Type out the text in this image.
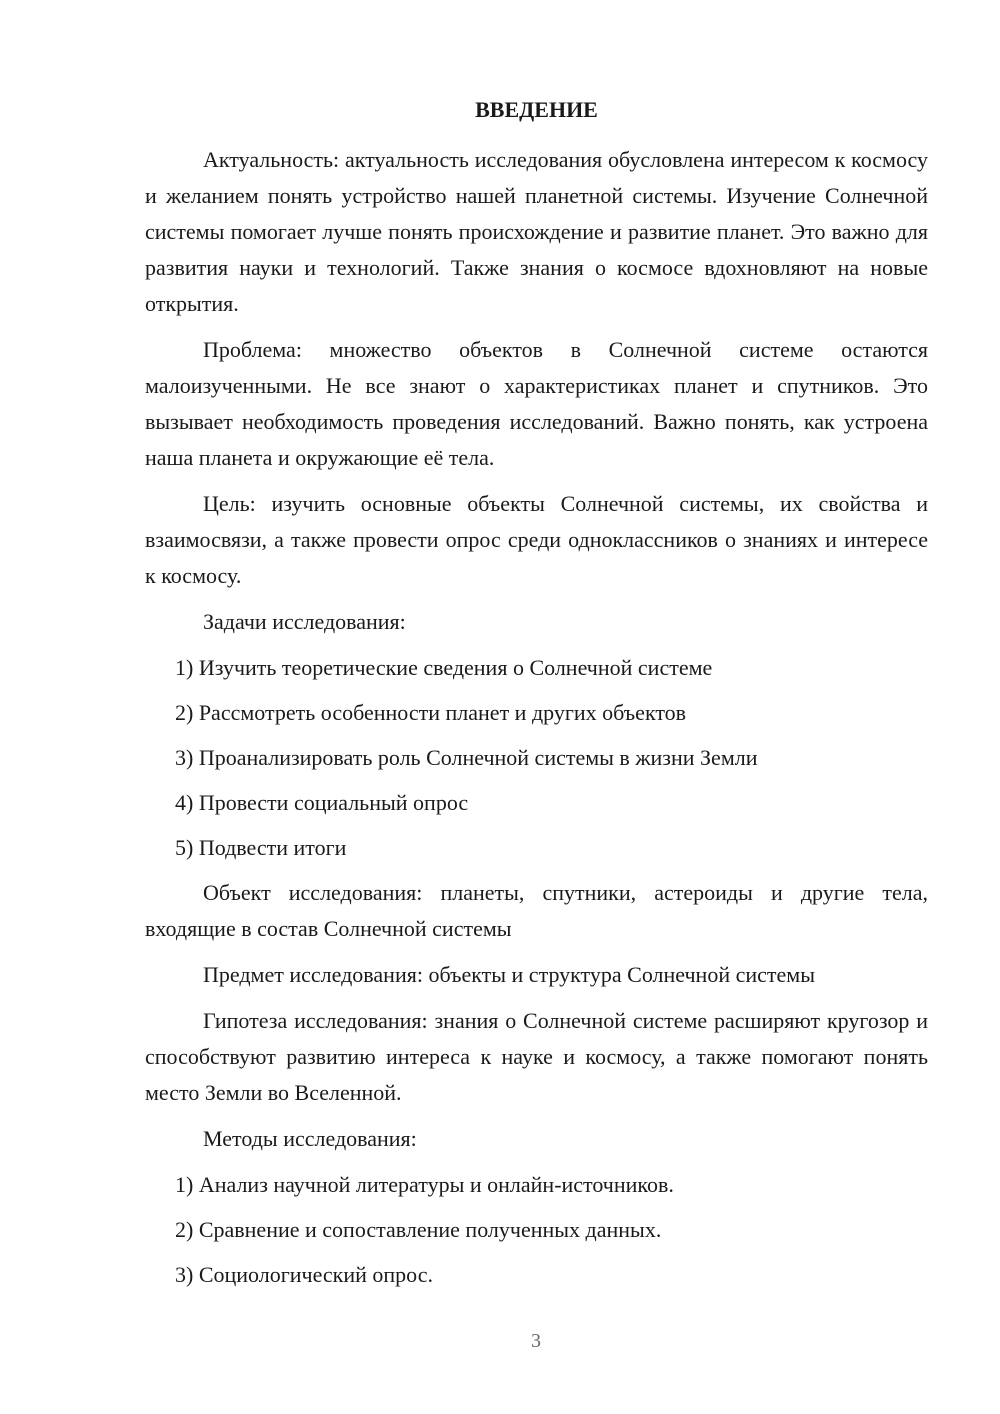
ВВЕДЕНИЕ

Актуальность: актуальность исследования обусловлена интересом к космосу и желанием понять устройство нашей планетной системы. Изучение Солнечной системы помогает лучше понять происхождение и развитие планет. Это важно для развития науки и технологий. Также знания о космосе вдохновляют на новые открытия.

Проблема: множество объектов в Солнечной системе остаются малоизученными. Не все знают о характеристиках планет и спутников. Это вызывает необходимость проведения исследований. Важно понять, как устроена наша планета и окружающие её тела.

Цель: изучить основные объекты Солнечной системы, их свойства и взаимосвязи, а также провести опрос среди одноклассников о знаниях и интересе к космосу.

Задачи исследования:

1) Изучить теоретические сведения о Солнечной системе

2) Рассмотреть особенности планет и других объектов

3) Проанализировать роль Солнечной системы в жизни Земли

4) Провести социальный опрос

5) Подвести итоги

Объект исследования: планеты, спутники, астероиды и другие тела, входящие в состав Солнечной системы

Предмет исследования: объекты и структура Солнечной системы

Гипотеза исследования: знания о Солнечной системе расширяют кругозор и способствуют развитию интереса к науке и космосу, а также помогают понять место Земли во Вселенной.

Методы исследования:

1) Анализ научной литературы и онлайн-источников.

2) Сравнение и сопоставление полученных данных.

3) Социологический опрос.

3
